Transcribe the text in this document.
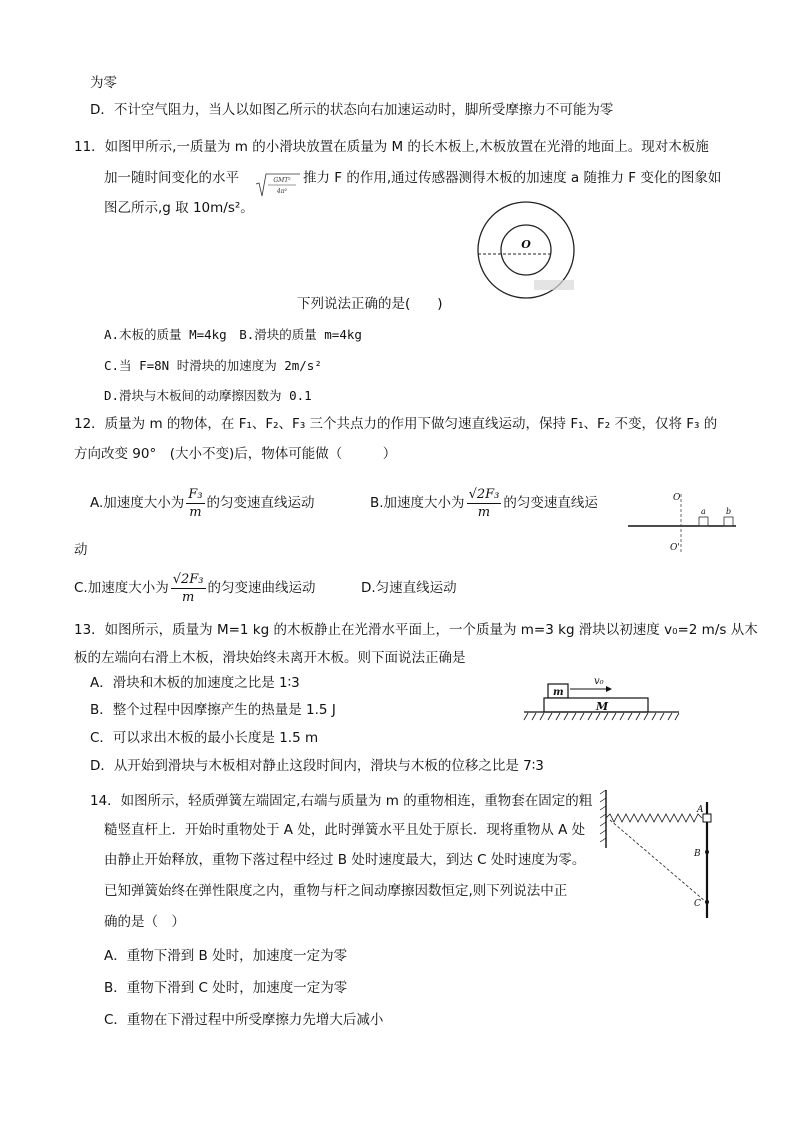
为零
D．不计空气阻力，当人以如图乙所示的状态向右加速运动时，脚所受摩擦力不可能为零
11．如图甲所示,一质量为 m 的小滑块放置在质量为 M 的长木板上,木板放置在光滑的地面上。现对木板施
加一随时间变化的水平	推力 F 的作用,通过传感器测得木板的加速度 a 随推力 F 变化的图象如
图乙所示,g 取 10m/s²。
GMT²
4π²
O
下列说法正确的是(　　)
A.木板的质量 M=4kg　B.滑块的质量 m=4kg
C.当 F=8N 时滑块的加速度为 2m/s²
D.滑块与木板间的动摩擦因数为 0.1
12．质量为 m 的物体，在 F₁、F₂、F₃ 三个共点力的作用下做匀速直线运动，保持 F₁、F₂ 不变，仅将 F₃ 的
方向改变 90°　(大小不变)后，物体可能做（　　　）
A.加速度大小为 $\frac{\text{F₃}}{m}$ 的匀变速直线运动	B.加速度大小为 $\frac{\text{√2F₃}}{m}$ 的匀变速直线运
动
O
O'
a	b
C.加速度大小为 $\frac{\text{√2F₃}}{m}$ 的匀变速曲线运动	D.匀速直线运动
13．如图所示，质量为 M=1 kg 的木板静止在光滑水平面上，一个质量为 m=3 kg 滑块以初速度 v₀=2 m/s 从木
板的左端向右滑上木板，滑块始终未离开木板。则下面说法正确是
A．滑块和木板的加速度之比是 1∶3
B．整个过程中因摩擦产生的热量是 1.5 J
C．可以求出木板的最小长度是 1.5 m
D．从开始到滑块与木板相对静止这段时间内，滑块与木板的位移之比是 7∶3
m
M
v₀
14．如图所示，轻质弹簧左端固定,右端与质量为 m 的重物相连，重物套在固定的粗
糙竖直杆上．开始时重物处于 A 处，此时弹簧水平且处于原长．现将重物从 A 处
由静止开始释放，重物下落过程中经过 B 处时速度最大，到达 C 处时速度为零。
已知弹簧始终在弹性限度之内，重物与杆之间动摩擦因数恒定,则下列说法中正
确的是（　）
A．重物下滑到 B 处时，加速度一定为零
B．重物下滑到 C 处时，加速度一定为零
C．重物在下滑过程中所受摩擦力先增大后减小
A
B
C
